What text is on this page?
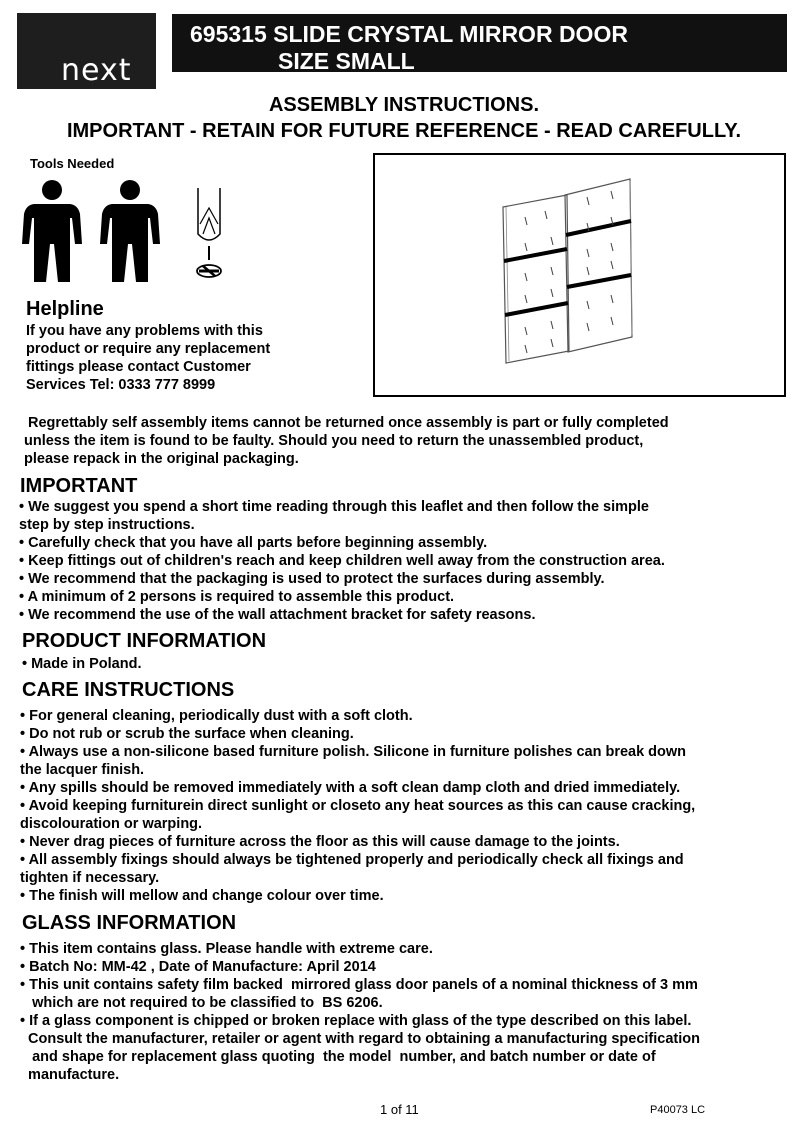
next
695315 SLIDE CRYSTAL MIRROR DOOR
SIZE SMALL
ASSEMBLY INSTRUCTIONS.
IMPORTANT - RETAIN FOR FUTURE REFERENCE - READ CAREFULLY.
Tools Needed
Helpline
If you have any problems with this
product or require any replacement
fittings please contact Customer
Services Tel: 0333 777 8999
Regrettably self assembly items cannot be returned once assembly is part or fully completed
unless the item is found to be faulty. Should you need to return the unassembled product,
please repack in the original packaging.
IMPORTANT
• We suggest you spend a short time reading through this leaflet and then follow the simple
step by step instructions.
• Carefully check that you have all parts before beginning assembly.
• Keep fittings out of children's reach and keep children well away from the construction area.
• We recommend that the packaging is used to protect the surfaces during assembly.
• A minimum of 2 persons is required to assemble this product.
• We recommend the use of the wall attachment bracket for safety reasons.
PRODUCT INFORMATION
• Made in Poland.
CARE INSTRUCTIONS
• For general cleaning, periodically dust with a soft cloth.
• Do not rub or scrub the surface when cleaning.
• Always use a non-silicone based furniture polish. Silicone in furniture polishes can break down
the lacquer finish.
• Any spills should be removed immediately with a soft clean damp cloth and dried immediately.
• Avoid keeping furniturein direct sunlight or closeto any heat sources as this can cause cracking,
discolouration or warping.
• Never drag pieces of furniture across the floor as this will cause damage to the joints.
• All assembly fixings should always be tightened properly and periodically check all fixings and
tighten if necessary.
• The finish will mellow and change colour over time.
GLASS INFORMATION
• This item contains glass. Please handle with extreme care.
• Batch No: MM-42 , Date of Manufacture: April 2014
• This unit contains safety film backed  mirrored glass door panels of a nominal thickness of 3 mm
which are not required to be classified to  BS 6206.
• If a glass component is chipped or broken replace with glass of the type described on this label.
Consult the manufacturer, retailer or agent with regard to obtaining a manufacturing specification
and shape for replacement glass quoting  the model  number, and batch number or date of
manufacture.
1 of 11	P40073 LC
